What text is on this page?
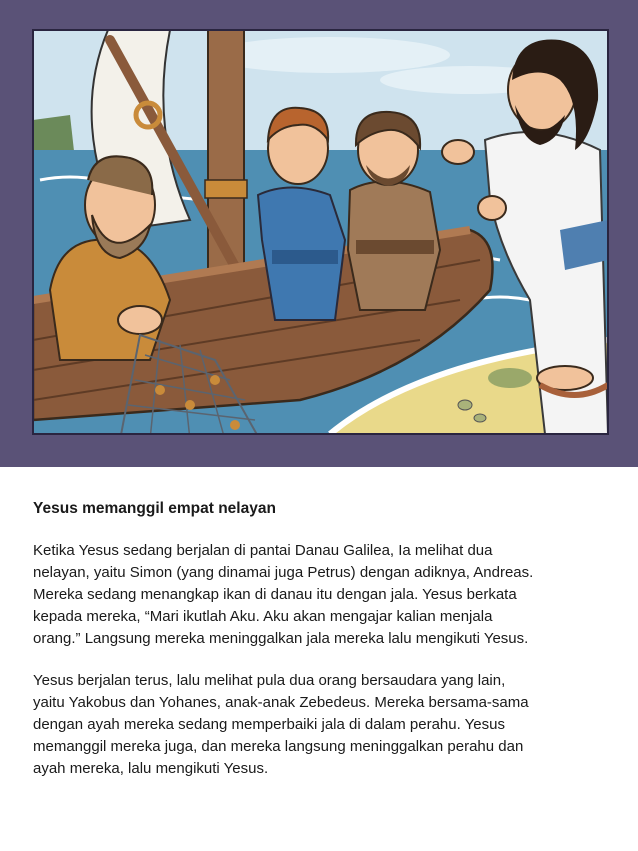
Yesus memanggil empat nelayan

Ketika Yesus sedang berjalan di pantai Danau Galilea, Ia melihat dua
nelayan, yaitu Simon (yang dinamai juga Petrus) dengan adiknya, Andreas.
Mereka sedang menangkap ikan di danau itu dengan jala. Yesus berkata
kepada mereka, “Mari ikutlah Aku. Aku akan mengajar kalian menjala
orang.” Langsung mereka meninggalkan jala mereka lalu mengikuti Yesus.

Yesus berjalan terus, lalu melihat pula dua orang bersaudara yang lain,
yaitu Yakobus dan Yohanes, anak-anak Zebedeus. Mereka bersama-sama
dengan ayah mereka sedang memperbaiki jala di dalam perahu. Yesus
memanggil mereka juga, dan mereka langsung meninggalkan perahu dan
ayah mereka, lalu mengikuti Yesus.
